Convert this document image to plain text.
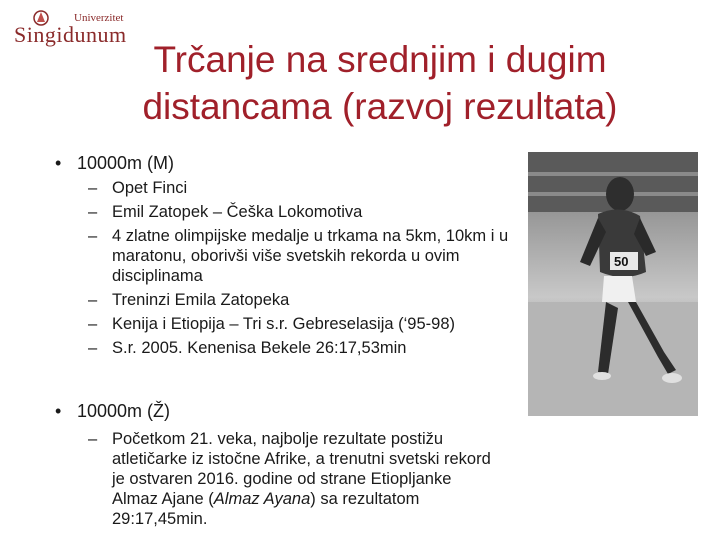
Univerzitet
Singidunum
Trčanje na srednjim i dugim
distancama (razvoj rezultata)
• 10000m (M)
– Opet Finci
– Emil Zatopek – Češka Lokomotiva
– 4 zlatne olimpijske medalje u trkama na 5km, 10km i u maratonu, oborivši više svetskih rekorda u ovim disciplinama
– Treninzi Emila Zatopeka
– Kenija i Etiopija – Tri s.r. Gebreselasija (‘95-98)
– S.r. 2005. Kenenisa Bekele 26:17,53min
• 10000m (Ž)
– Početkom 21. veka, najbolje rezultate postižu atletičarke iz istočne Afrike, a trenutni svetski rekord je ostvaren 2016. godine od strane Etiopljanke Almaz Ajane (Almaz Ayana) sa rezultatom 29:17,45min.
50
